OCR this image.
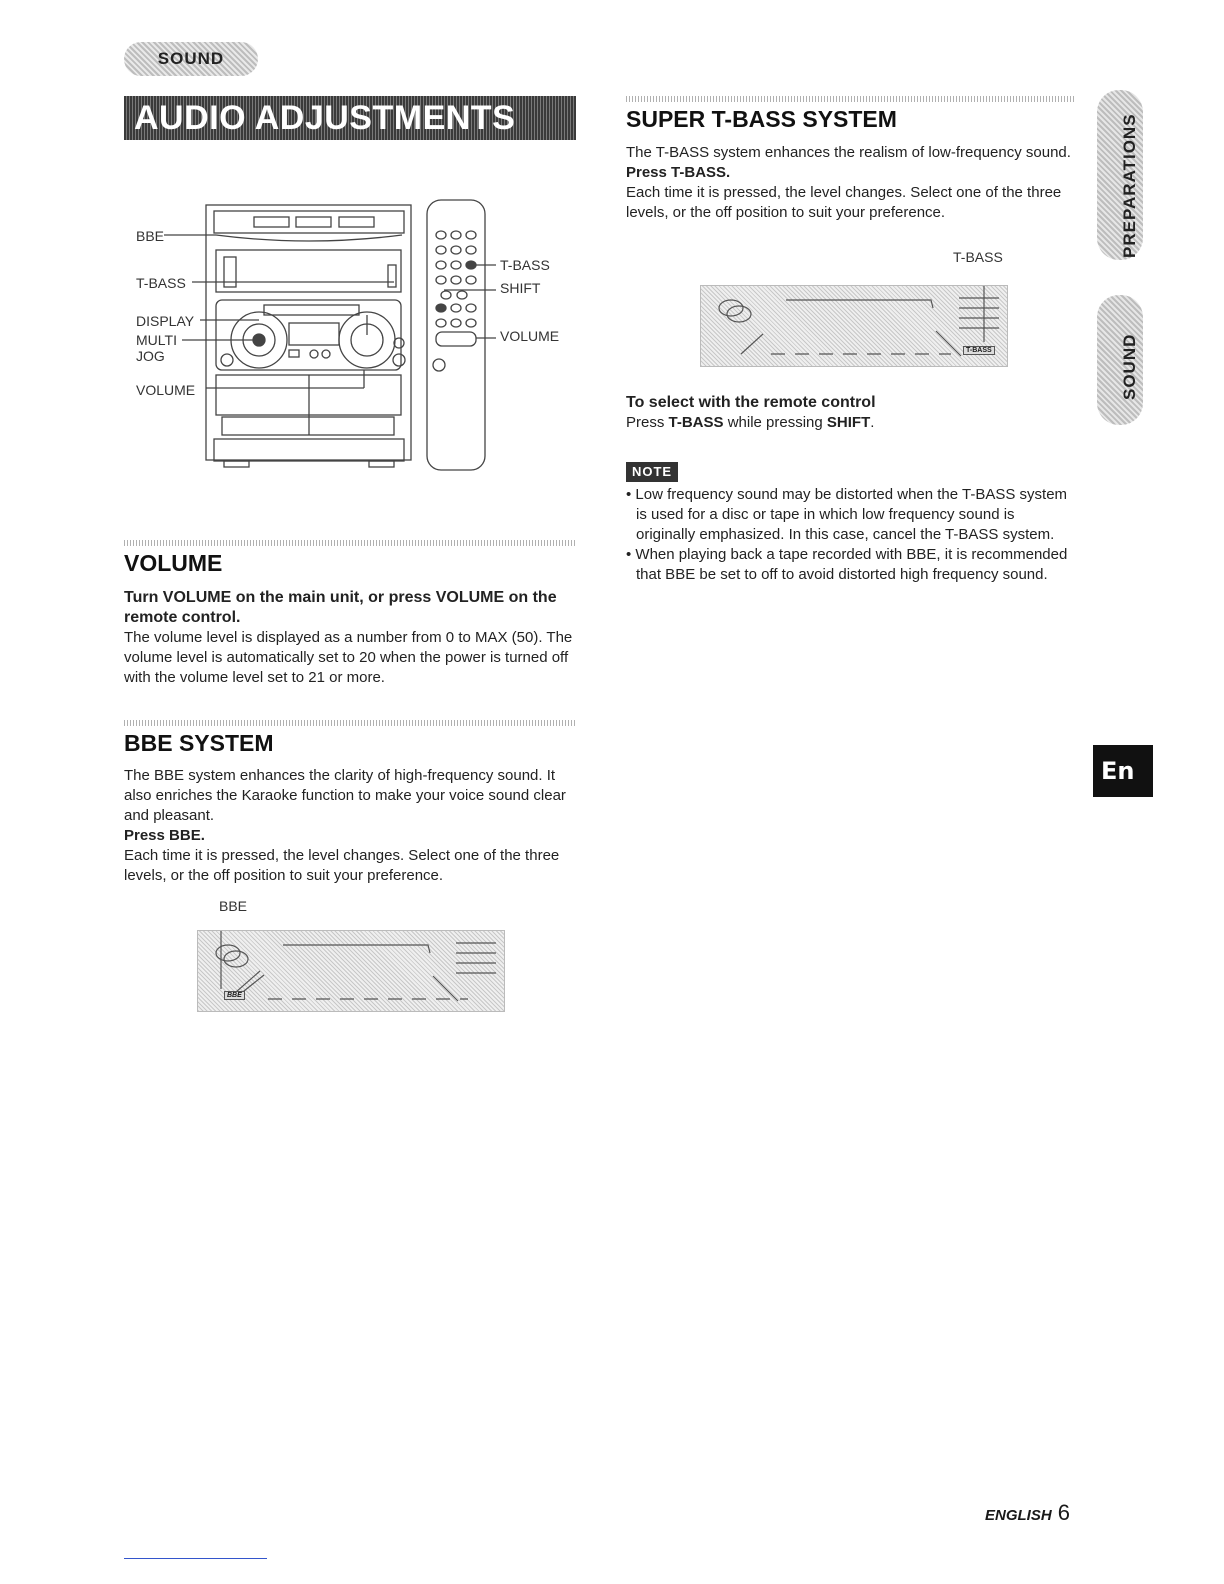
SOUND
AUDIO ADJUSTMENTS
BBE
T-BASS
DISPLAY
MULTI
JOG
VOLUME
T-BASS
SHIFT
VOLUME
VOLUME

Turn VOLUME on the main unit, or press VOLUME on the remote control.

The volume level is displayed as a number from 0 to MAX (50). The volume level is automatically set to 20 when the power is turned off with the volume level set to 21 or more.

BBE SYSTEM

The BBE system enhances the clarity of high-frequency sound. It also enriches the Karaoke function to make your voice sound clear and pleasant.

Press BBE.

Each time it is pressed, the level changes. Select one of the three levels, or the off position to suit your preference.

BBE
BBE
SUPER T-BASS SYSTEM

The T-BASS system enhances the realism of low-frequency sound.

Press T-BASS.

Each time it is pressed, the level changes. Select one of the three levels, or the off position to suit your preference.

T-BASS
T-BASS

To select with the remote control

Press T-BASS while pressing SHIFT.

NOTE
• Low frequency sound may be distorted when the T-BASS system is used for a disc or tape in which low frequency sound is originally emphasized. In this case, cancel the T-BASS system.
• When playing back a tape recorded with BBE, it is recommended that BBE be set to off to avoid distorted high frequency sound.
PREPARATIONS
SOUND
En
ENGLISH 6
